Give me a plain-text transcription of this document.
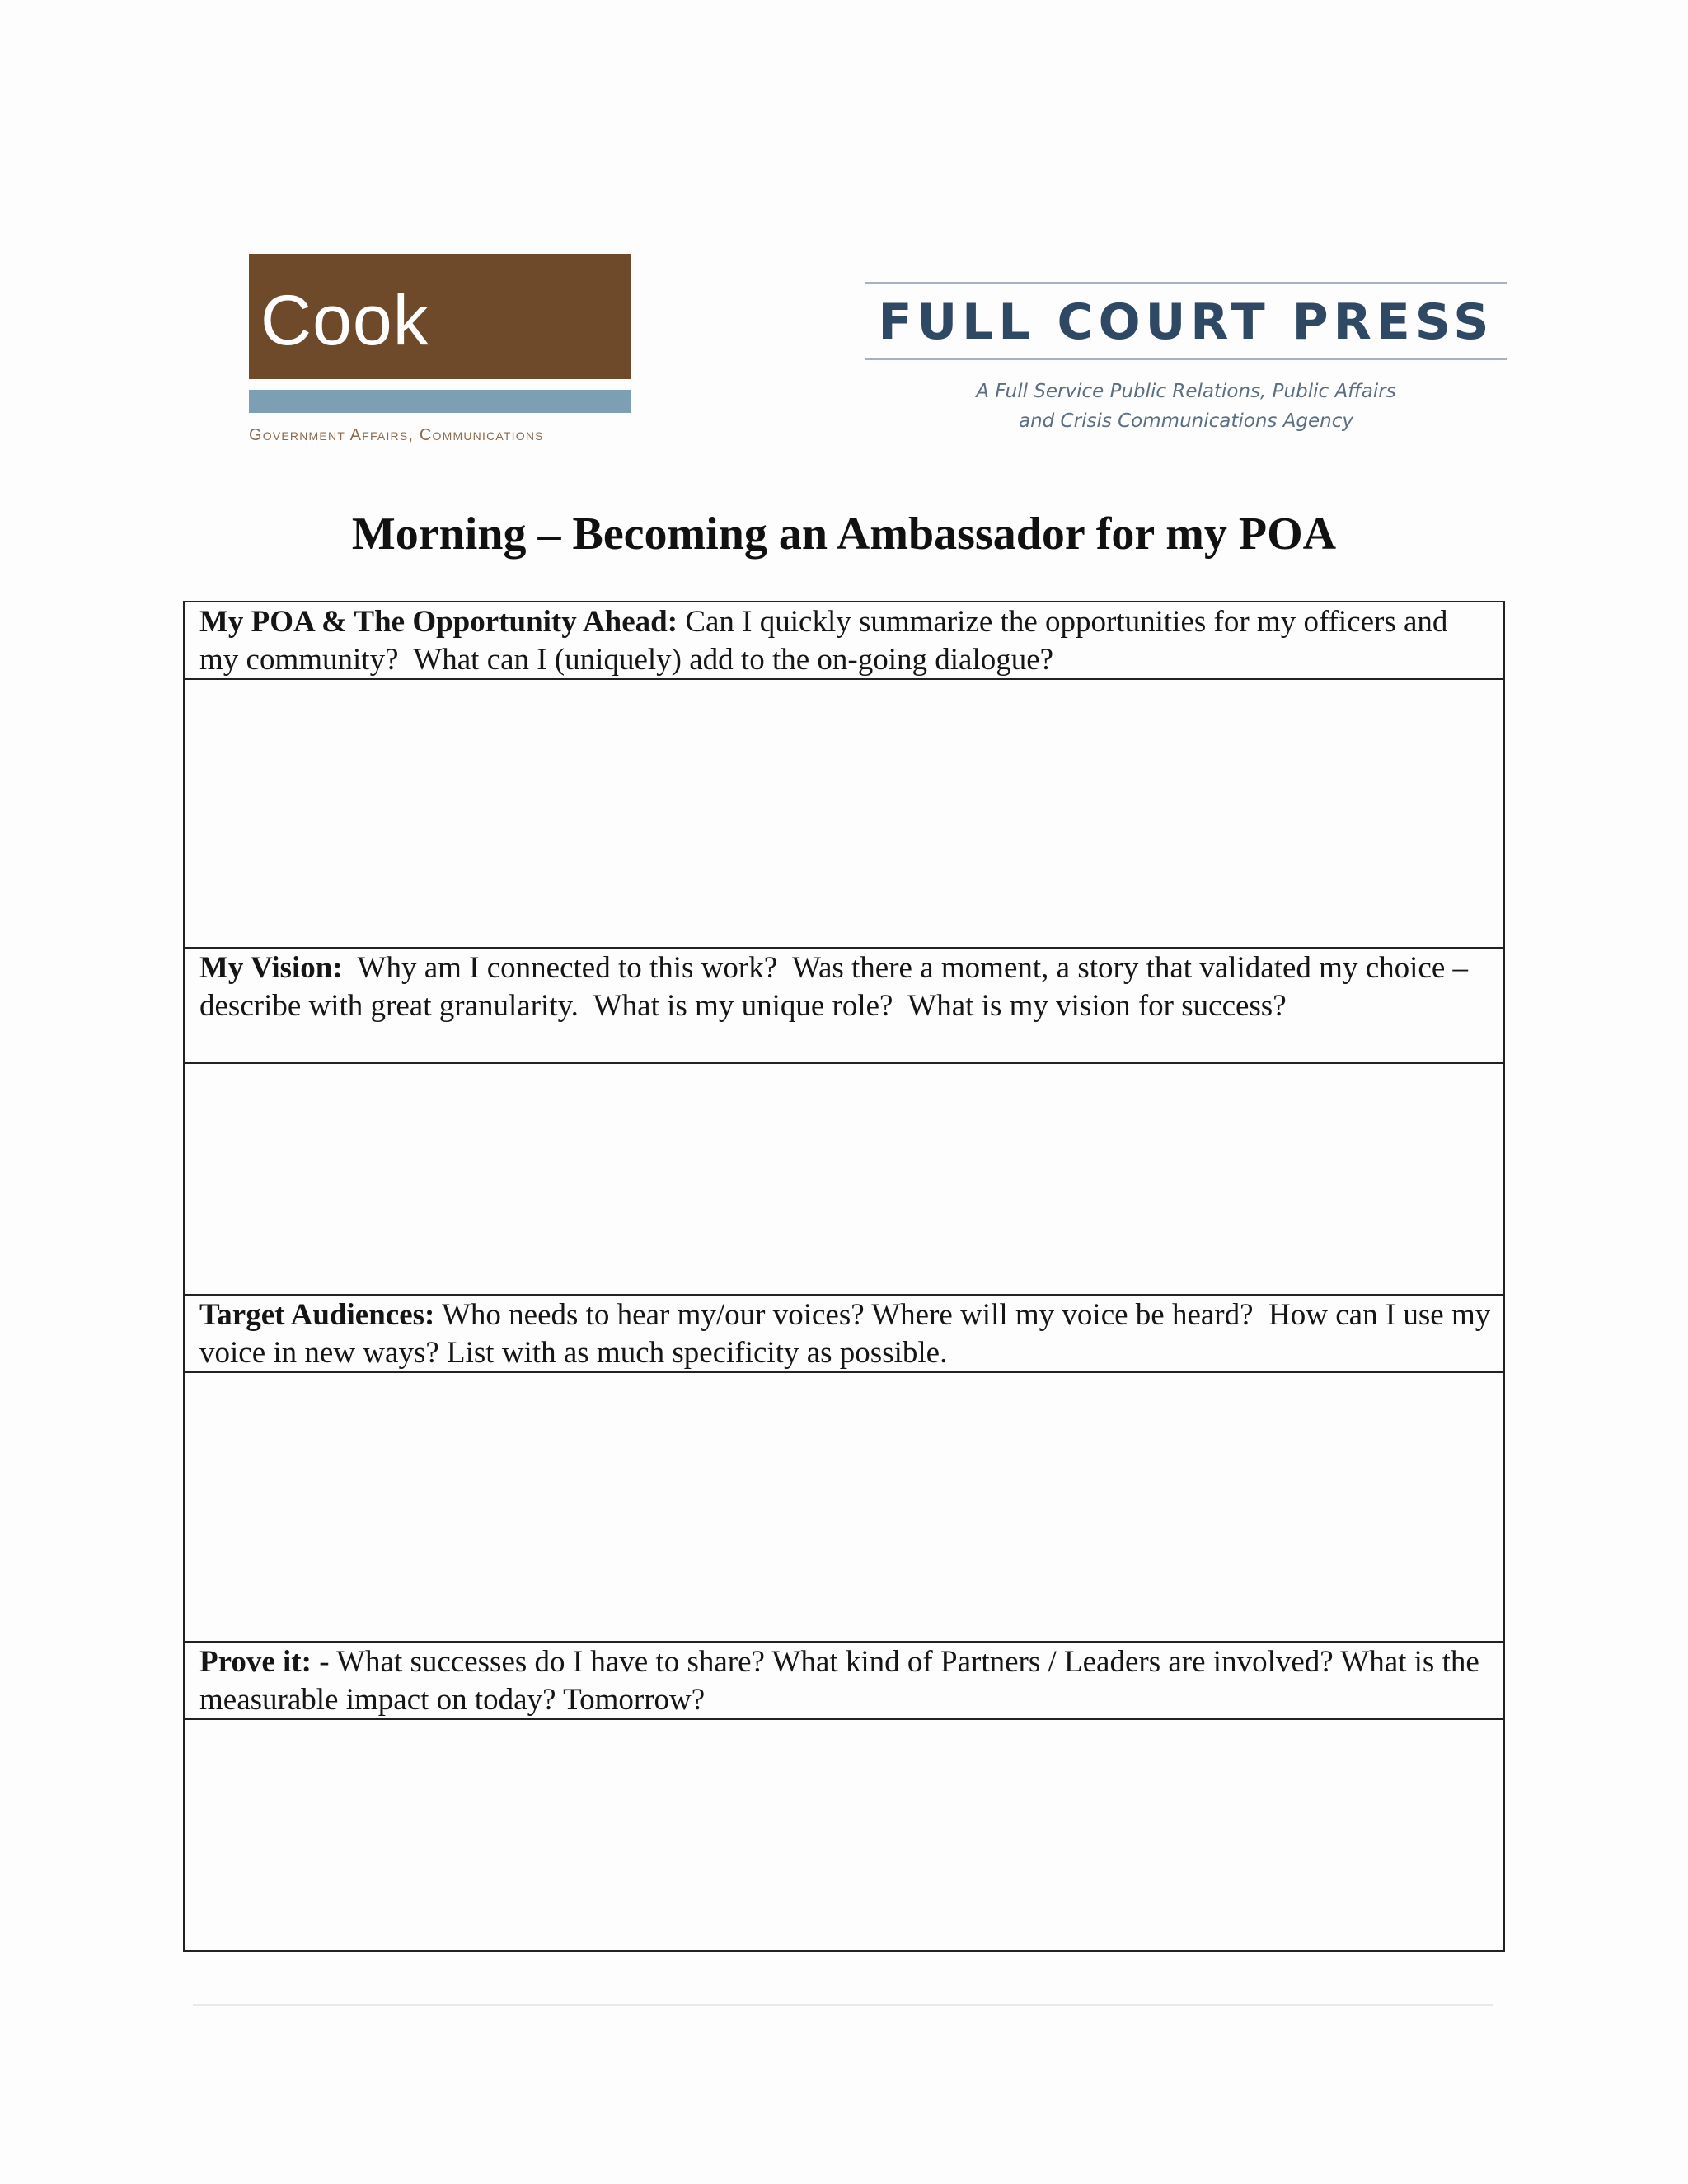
Cook
Government Affairs, Communications
FULL COURT PRESS
A Full Service Public Relations, Public Affairs
and Crisis Communications Agency
Morning – Becoming an Ambassador for my POA
My POA & The Opportunity Ahead: Can I quickly summarize the opportunities for my officers and my community?  What can I (uniquely) add to the on-going dialogue?
My Vision:  Why am I connected to this work?  Was there a moment, a story that validated my choice – describe with great granularity.  What is my unique role?  What is my vision for success?
Target Audiences: Who needs to hear my/our voices? Where will my voice be heard?  How can I use my voice in new ways? List with as much specificity as possible.
Prove it: - What successes do I have to share? What kind of Partners / Leaders are involved? What is the measurable impact on today? Tomorrow?
